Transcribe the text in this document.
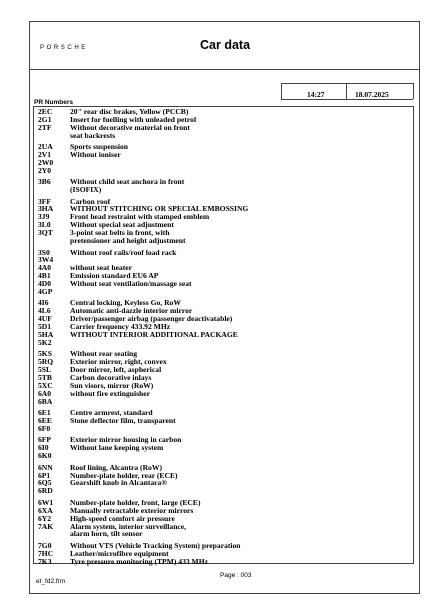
PORSCHE	Car data
14:27	18.07.2025
PR Numbers
2EC	20" rear disc brakes, Yellow (PCCB)
2G1	Insert for fuelling with unleaded petrol
2TF	Without decorative material on front
seat backrests
2UA	Sports suspension
2V1	Without ioniser
2W0
2Y0
3B6	Without child seat anchora in front
(ISOFIX)
3FF	Carbon roof
3HA	WITHOUT STITCHING OR SPECIAL EMBOSSING
3J9	Front head restraint with stamped emblem
3L0	Without special seat adjustment
3QT	3-point seat belts in front, with
pretensioner and height adjustment
3S0	Without roof rails/roof load rack
3W4
4A0	without seat heater
4B1	Emission standard EU6 AP
4D0	Without seat ventilation/massage seat
4GP
4I6	Central locking, Keyless Go, RoW
4L6	Automatic anti-dazzle interior mirror
4UF	Driver/passenger airbag (passenger deactivatable)
5D1	Carrier frequency 433.92 MHz
5HA	WITHOUT INTERIOR ADDITIONAL PACKAGE
5K2
5KS	Without rear seating
5RQ	Exterior mirror, right, convex
5SL	Door mirror, left, aspherical
5TB	Carbon decorative inlays
5XC	Sun visors, mirror (RoW)
6A0	without fire extinguisher
6BA
6E1	Centre armrest, standard
6EE	Stone deflector film, transparent
6F0
6FP	Exterior mirror housing in carbon
6I0	Without lane keeping system
6K0
6NN	Roof lining, Alcantra (RoW)
6P1	Number-plate holder, rear (ECE)
6Q5	Gearshift knob in Alcantara®
6RD
6W1	Number-plate holder, front, large (ECE)
6XA	Manually retractable exterior mirrors
6Y2	High-speed comfort air pressure
7AK	Alarm system, interior surveillance,
alarm horn, tilt sensor
7G0	Without VTS (Vehicle Tracking System) preparation
7HC	Leather/microfibre equipment
7K3	Tyre pressure monitoring (TPM) 433 MHz
Page : 003
et_fd2.frm
